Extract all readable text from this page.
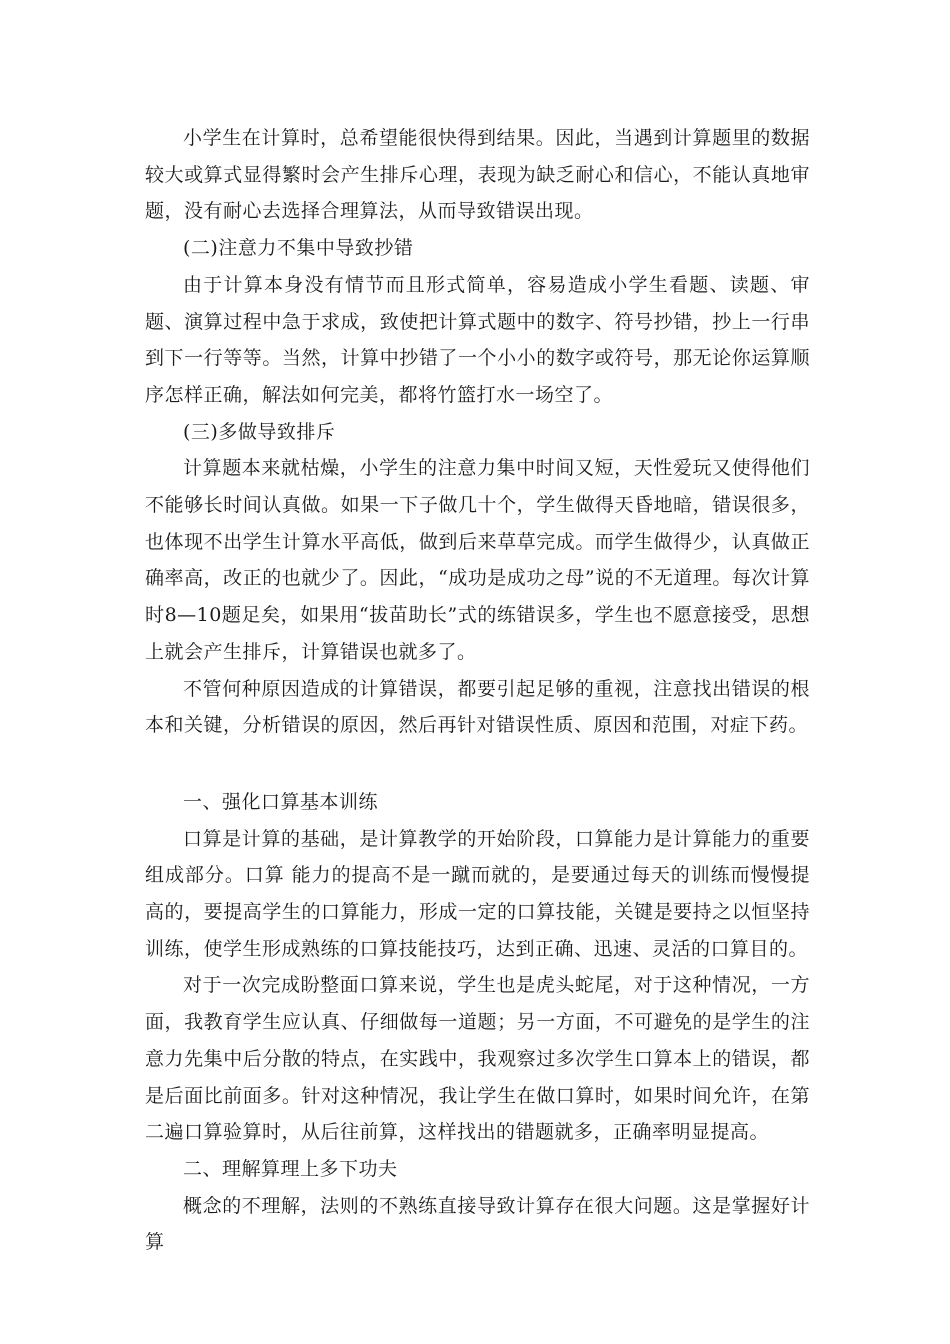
小学生在计算时，总希望能很快得到结果。因此，当遇到计算题里的数据较大或算式显得繁时会产生排斥心理，表现为缺乏耐心和信心，不能认真地审题，没有耐心去选择合理算法，从而导致错误出现。

(二)注意力不集中导致抄错

由于计算本身没有情节而且形式简单，容易造成小学生看题、读题、审题、演算过程中急于求成，致使把计算式题中的数字、符号抄错，抄上一行串到下一行等等。当然，计算中抄错了一个小小的数字或符号，那无论你运算顺序怎样正确，解法如何完美，都将竹篮打水一场空了。

(三)多做导致排斥

计算题本来就枯燥，小学生的注意力集中时间又短，天性爱玩又使得他们不能够长时间认真做。如果一下子做几十个，学生做得天昏地暗，错误很多，也体现不出学生计算水平高低，做到后来草草完成。而学生做得少，认真做正确率高，改正的也就少了。因此，“成功是成功之母”说的不无道理。每次计算时8—10题足矣，如果用“拔苗助长”式的练错误多，学生也不愿意接受，思想上就会产生排斥，计算错误也就多了。

不管何种原因造成的计算错误，都要引起足够的重视，注意找出错误的根本和关键，分析错误的原因，然后再针对错误性质、原因和范围，对症下药。

一、强化口算基本训练

口算是计算的基础，是计算教学的开始阶段，口算能力是计算能力的重要组成部分。口算 能力的提高不是一蹴而就的，是要通过每天的训练而慢慢提高的，要提高学生的口算能力，形成一定的口算技能，关键是要持之以恒坚持训练，使学生形成熟练的口算技能技巧，达到正确、迅速、灵活的口算目的。

对于一次完成盼整面口算来说，学生也是虎头蛇尾，对于这种情况，一方面，我教育学生应认真、仔细做每一道题；另一方面，不可避免的是学生的注意力先集中后分散的特点，在实践中，我观察过多次学生口算本上的错误，都是后面比前面多。针对这种情况，我让学生在做口算时，如果时间允许，在第二遍口算验算时，从后往前算，这样找出的错题就多，正确率明显提高。

二、理解算理上多下功夫

概念的不理解，法则的不熟练直接导致计算存在很大问题。这是掌握好计算
